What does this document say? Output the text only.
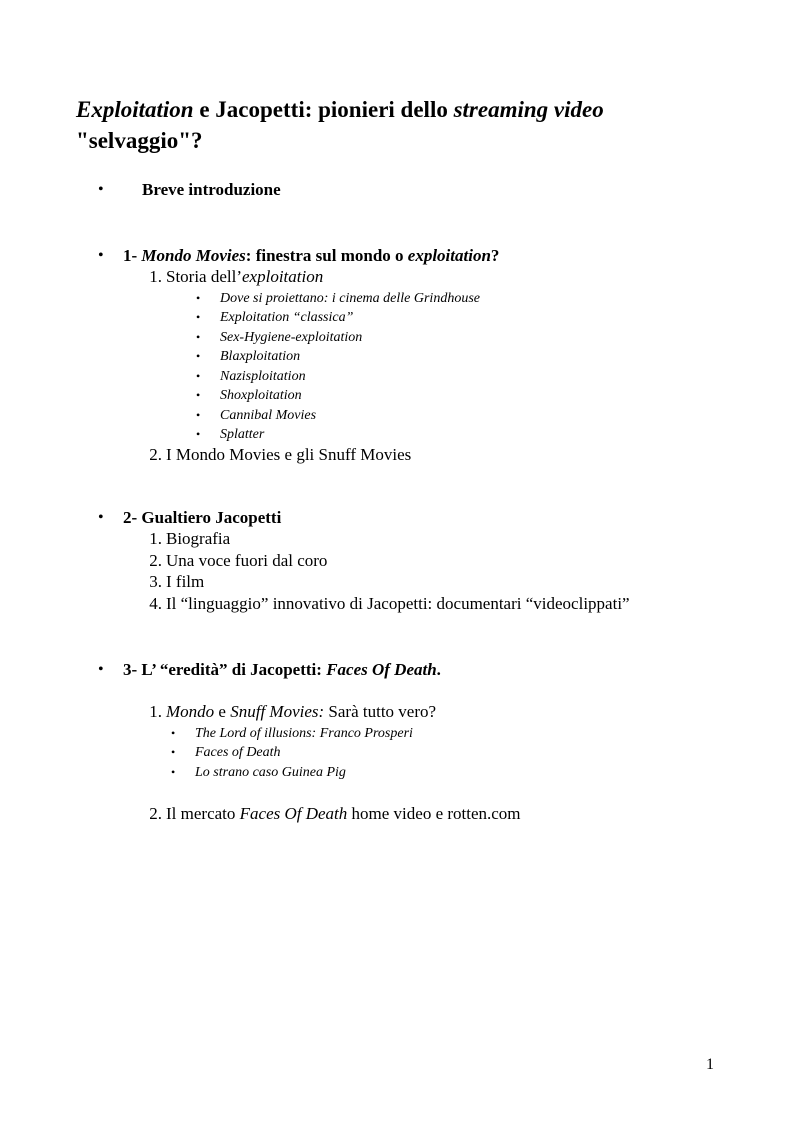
Exploitation e Jacopetti: pionieri dello streaming video
"selvaggio"?
• Breve introduzione
• 1- Mondo Movies: finestra sul mondo o exploitation?
1. Storia dell’exploitation
• Dove si proiettano: i cinema delle Grindhouse
• Exploitation “classica”
• Sex-Hygiene-exploitation
• Blaxploitation
• Nazisploitation
• Shoxploitation
• Cannibal Movies
• Splatter
2. I Mondo Movies e gli Snuff Movies
• 2- Gualtiero Jacopetti
1. Biografia
2. Una voce fuori dal coro
3. I film
4. Il “linguaggio” innovativo di Jacopetti: documentari “videoclippati”
• 3- L’ “eredità” di Jacopetti: Faces Of Death.
1. Mondo e Snuff Movies: Sarà tutto vero?
• The Lord of illusions: Franco Prosperi
• Faces of Death
• Lo strano caso Guinea Pig
2. Il mercato Faces Of Death home video e rotten.com
1
